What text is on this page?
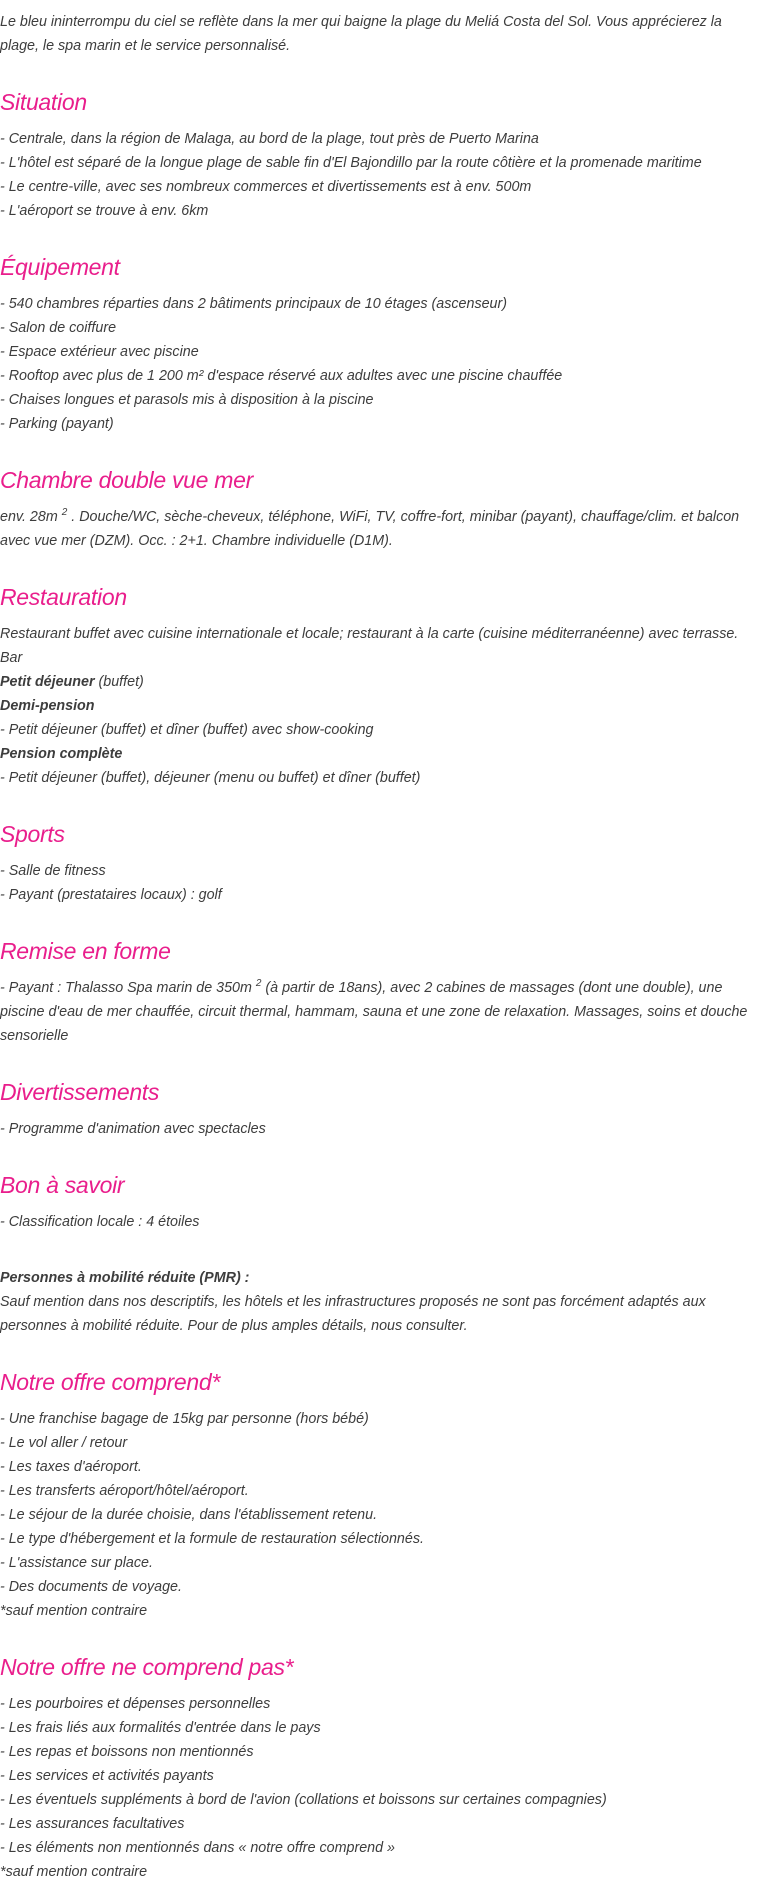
Le bleu ininterrompu du ciel se reflète dans la mer qui baigne la plage du Meliá Costa del Sol. Vous apprécierez la plage, le spa marin et le service personnalisé.

Situation

- Centrale, dans la région de Malaga, au bord de la plage, tout près de Puerto Marina

- L'hôtel est séparé de la longue plage de sable fin d'El Bajondillo par la route côtière et la promenade maritime

- Le centre-ville, avec ses nombreux commerces et divertissements est à env. 500m

- L'aéroport se trouve à env. 6km

Équipement

- 540 chambres réparties dans 2 bâtiments principaux de 10 étages (ascenseur)

- Salon de coiffure

- Espace extérieur avec piscine

- Rooftop avec plus de 1 200 m² d'espace réservé aux adultes avec une piscine chauffée

- Chaises longues et parasols mis à disposition à la piscine

- Parking (payant)

Chambre double vue mer

env. 28m $^2$ . Douche/WC, sèche-cheveux, téléphone, WiFi, TV, coffre-fort, minibar (payant), chauffage/clim. et balcon avec vue mer (DZM). Occ. : 2+1. Chambre individuelle (D1M).

Restauration

Restaurant buffet avec cuisine internationale et locale; restaurant à la carte (cuisine méditerranéenne) avec terrasse. Bar

Petit déjeuner (buffet)

Demi-pension

- Petit déjeuner (buffet) et dîner (buffet) avec show-cooking

Pension complète

- Petit déjeuner (buffet), déjeuner (menu ou buffet) et dîner (buffet)

Sports

- Salle de fitness

- Payant (prestataires locaux) : golf

Remise en forme

- Payant : Thalasso Spa marin de 350m $^2$ (à partir de 18ans), avec 2 cabines de massages (dont une double), une piscine d'eau de mer chauffée, circuit thermal, hammam, sauna et une zone de relaxation. Massages, soins et douche sensorielle

Divertissements

- Programme d'animation avec spectacles

Bon à savoir

- Classification locale : 4 étoiles

Personnes à mobilité réduite (PMR) :

Sauf mention dans nos descriptifs, les hôtels et les infrastructures proposés ne sont pas forcément adaptés aux personnes à mobilité réduite. Pour de plus amples détails, nous consulter.

Notre offre comprend*

- Une franchise bagage de 15kg par personne (hors bébé)

- Le vol aller / retour

- Les taxes d'aéroport.

- Les transferts aéroport/hôtel/aéroport.

- Le séjour de la durée choisie, dans l'établissement retenu.

- Le type d'hébergement et la formule de restauration sélectionnés.

- L'assistance sur place.

- Des documents de voyage.

*sauf mention contraire

Notre offre ne comprend pas*

- Les pourboires et dépenses personnelles

- Les frais liés aux formalités d'entrée dans le pays

- Les repas et boissons non mentionnés

- Les services et activités payants

- Les éventuels suppléments à bord de l'avion (collations et boissons sur certaines compagnies)

- Les assurances facultatives

- Les éléments non mentionnés dans « notre offre comprend »

*sauf mention contraire
